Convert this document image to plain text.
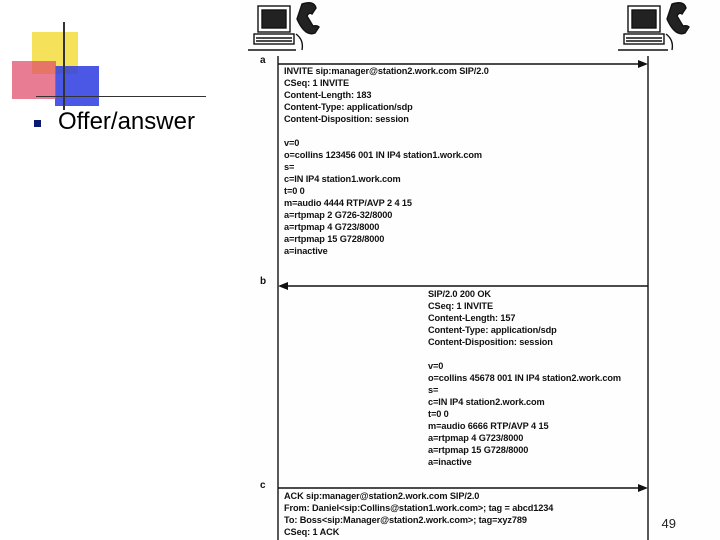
Offer/answer
a
b
c
INVITE sip:manager@station2.work.com SIP/2.0
CSeq: 1 INVITE
Content-Length: 183
Content-Type: application/sdp
Content-Disposition: session
v=0
o=collins 123456 001 IN IP4 station1.work.com
s=
c=IN IP4 station1.work.com
t=0 0
m=audio 4444 RTP/AVP 2 4 15
a=rtpmap 2 G726-32/8000
a=rtpmap 4 G723/8000
a=rtpmap 15 G728/8000
a=inactive
SIP/2.0 200 OK
CSeq: 1 INVITE
Content-Length: 157
Content-Type: application/sdp
Content-Disposition: session
v=0
o=collins 45678 001 IN IP4 station2.work.com
s=
c=IN IP4 station2.work.com
t=0 0
m=audio 6666 RTP/AVP 4 15
a=rtpmap 4 G723/8000
a=rtpmap 15 G728/8000
a=inactive
ACK sip:manager@station2.work.com SIP/2.0
From: Daniel<sip:Collins@station1.work.com>; tag = abcd1234
To: Boss<sip:Manager@station2.work.com>; tag=xyz789
CSeq: 1 ACK
49
